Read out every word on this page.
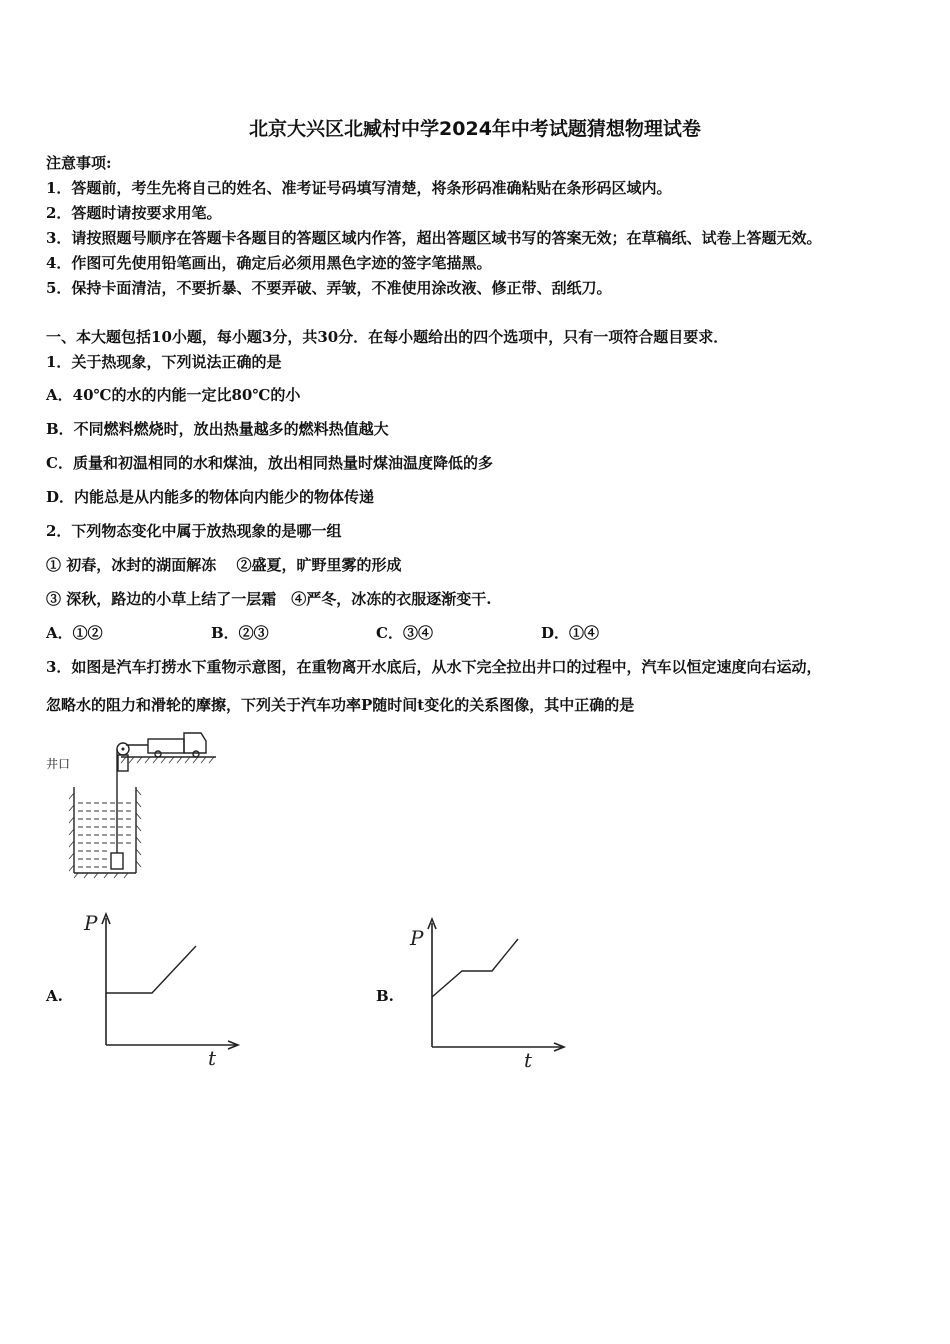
北京大兴区北臧村中学2024年中考试题猜想物理试卷
注意事项:
1．答题前，考生先将自己的姓名、准考证号码填写清楚，将条形码准确粘贴在条形码区域内。
2．答题时请按要求用笔。
3．请按照题号顺序在答题卡各题目的答题区域内作答，超出答题区域书写的答案无效；在草稿纸、试卷上答题无效。
4．作图可先使用铅笔画出，确定后必须用黑色字迹的签字笔描黑。
5．保持卡面清洁，不要折暴、不要弄破、弄皱，不准使用涂改液、修正带、刮纸刀。
一、本大题包括10小题，每小题3分，共30分．在每小题给出的四个选项中，只有一项符合题目要求．
1．关于热现象，下列说法正确的是
A．40℃的水的内能一定比80℃的小
B．不同燃料燃烧时，放出热量越多的燃料热值越大
C．质量和初温相同的水和煤油，放出相同热量时煤油温度降低的多
D．内能总是从内能多的物体向内能少的物体传递
2．下列物态变化中属于放热现象的是哪一组
① 初春，冰封的湖面解冻　 ②盛夏，旷野里雾的形成
③ 深秋，路边的小草上结了一层霜　④严冬，冰冻的衣服逐渐变干.
A．①②	B．②③	C．③④	D．①④
3．如图是汽车打捞水下重物示意图，在重物离开水底后，从水下完全拉出井口的过程中，汽车以恒定速度向右运动，
忽略水的阻力和滑轮的摩擦，下列关于汽车功率P随时间t变化的关系图像，其中正确的是
井口
A.
P
t
B.
P
t
